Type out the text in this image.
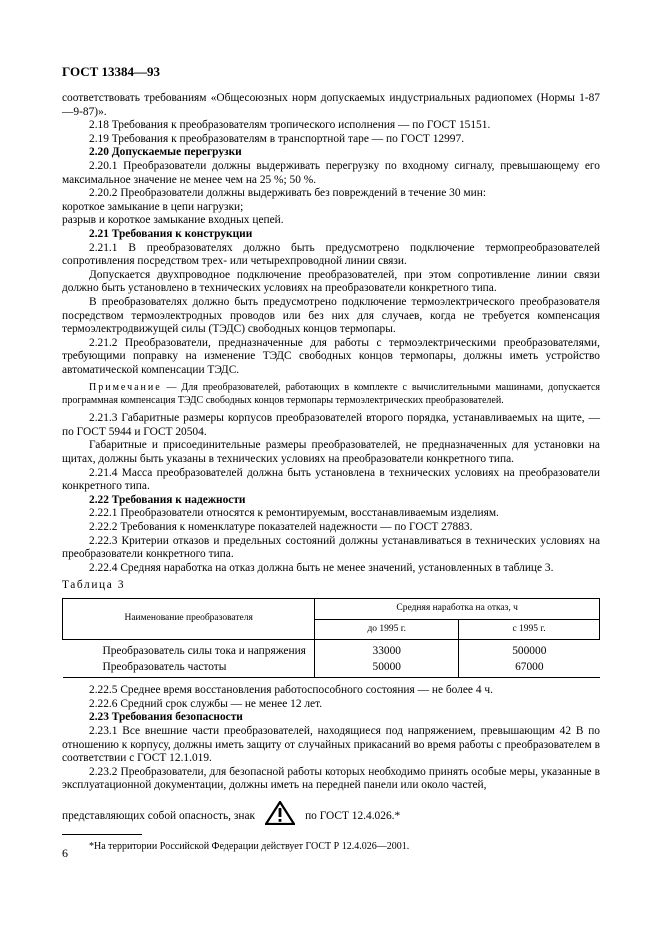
ГОСТ 13384—93

соответствовать требованиям «Общесоюзных норм допускаемых индустриальных радиопомех (Нормы 1-87—9-87)».

2.18 Требования к преобразователям тропического исполнения — по ГОСТ 15151.

2.19 Требования к преобразователям в транспортной таре — по ГОСТ 12997.

2.20 Допускаемые перегрузки

2.20.1 Преобразователи должны выдерживать перегрузку по входному сигналу, превышающему его максимальное значение не менее чем на 25 %; 50 %.

2.20.2 Преобразователи должны выдерживать без повреждений в течение 30 мин:

короткое замыкание в цепи нагрузки;

разрыв и короткое замыкание входных цепей.

2.21 Требования к конструкции

2.21.1 В преобразователях должно быть предусмотрено подключение термопреобразователей сопротивления посредством трех- или четырехпроводной линии связи.

Допускается двухпроводное подключение преобразователей, при этом сопротивление линии связи должно быть установлено в технических условиях на преобразователи конкретного типа.

В преобразователях должно быть предусмотрено подключение термоэлектрического преобразователя посредством термоэлектродных проводов или без них для случаев, когда не требуется компенсация термоэлектродвижущей силы (ТЭДС) свободных концов термопары.

2.21.2 Преобразователи, предназначенные для работы с термоэлектрическими преобразователями, требующими поправку на изменение ТЭДС свободных концов термопары, должны иметь устройство автоматической компенсации ТЭДС.

Примечание — Для преобразователей, работающих в комплекте с вычислительными машинами, допускается программная компенсация ТЭДС свободных концов термопары термоэлектрических преобразователей.

2.21.3 Габаритные размеры корпусов преобразователей второго порядка, устанавливаемых на щите, — по ГОСТ 5944 и ГОСТ 20504.

Габаритные и присоединительные размеры преобразователей, не предназначенных для установки на щитах, должны быть указаны в технических условиях на преобразователи конкретного типа.

2.21.4 Масса преобразователей должна быть установлена в технических условиях на преобразователи конкретного типа.

2.22 Требования к надежности

2.22.1 Преобразователи относятся к ремонтируемым, восстанавливаемым изделиям.

2.22.2 Требования к номенклатуре показателей надежности — по ГОСТ 27883.

2.22.3 Критерии отказов и предельных состояний должны устанавливаться в технических условиях на преобразователи конкретного типа.

2.22.4 Средняя наработка на отказ должна быть не менее значений, установленных в таблице 3.

Таблица 3

Наименование преобразователя	Средняя наработка на отказ, ч	
	до 1995 г.	с 1995 г.
Преобразователь силы тока и напряжения	33000	500000
Преобразователь частоты	50000	67000

2.22.5 Среднее время восстановления работоспособного состояния — не более 4 ч.

2.22.6 Средний срок службы — не менее 12 лет.

2.23 Требования безопасности

2.23.1 Все внешние части преобразователей, находящиеся под напряжением, превышающим 42 В по отношению к корпусу, должны иметь защиту от случайных прикасаний во время работы с преобразователем в соответствии с ГОСТ 12.1.019.

2.23.2 Преобразователи, для безопасной работы которых необходимо принять особые меры, указанные в эксплуатационной документации, должны иметь на передней панели или около частей,

представляющих собой опасность, знак	по ГОСТ 12.4.026.*

*На территории Российской Федерации действует ГОСТ Р 12.4.026—2001.

6
